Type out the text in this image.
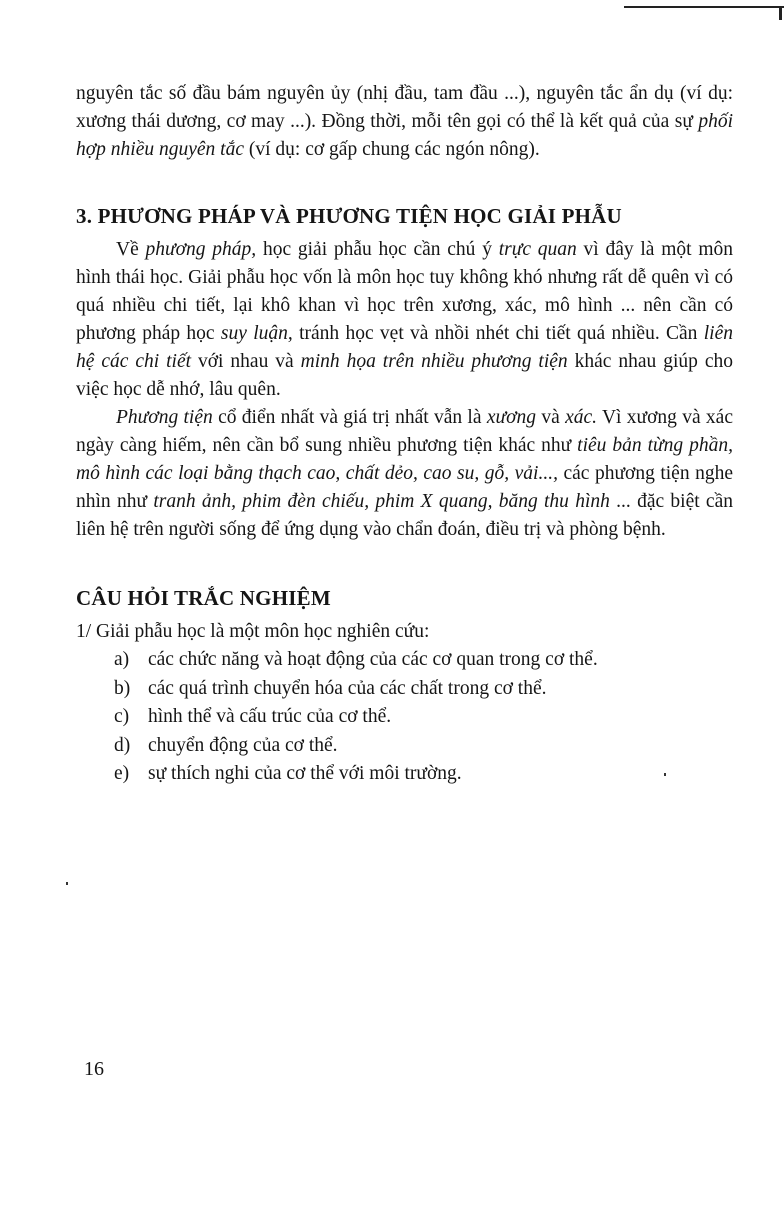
nguyên tắc số đầu bám nguyên ủy (nhị đầu, tam đầu ...), nguyên tắc ẩn dụ (ví dụ: xương thái dương, cơ may ...). Đồng thời, mỗi tên gọi có thể là kết quả của sự phối hợp nhiều nguyên tắc (ví dụ: cơ gấp chung các ngón nông).

3. PHƯƠNG PHÁP VÀ PHƯƠNG TIỆN HỌC GIẢI PHẪU

Về phương pháp, học giải phẫu học cần chú ý trực quan vì đây là một môn hình thái học. Giải phẫu học vốn là môn học tuy không khó nhưng rất dễ quên vì có quá nhiều chi tiết, lại khô khan vì học trên xương, xác, mô hình ... nên cần có phương pháp học suy luận, tránh học vẹt và nhồi nhét chi tiết quá nhiều. Cần liên hệ các chi tiết với nhau và minh họa trên nhiều phương tiện khác nhau giúp cho việc học dễ nhớ, lâu quên.

Phương tiện cổ điển nhất và giá trị nhất vẫn là xương và xác. Vì xương và xác ngày càng hiếm, nên cần bổ sung nhiều phương tiện khác như tiêu bản từng phần, mô hình các loại bằng thạch cao, chất dẻo, cao su, gỗ, vải..., các phương tiện nghe nhìn như tranh ảnh, phim đèn chiếu, phim X quang, băng thu hình ... đặc biệt cần liên hệ trên người sống để ứng dụng vào chẩn đoán, điều trị và phòng bệnh.

CÂU HỎI TRẮC NGHIỆM

1/ Giải phẫu học là một môn học nghiên cứu:

a) các chức năng và hoạt động của các cơ quan trong cơ thể.
b) các quá trình chuyển hóa của các chất trong cơ thể.
c) hình thể và cấu trúc của cơ thể.
d) chuyển động của cơ thể.
e) sự thích nghi của cơ thể với môi trường.
16
